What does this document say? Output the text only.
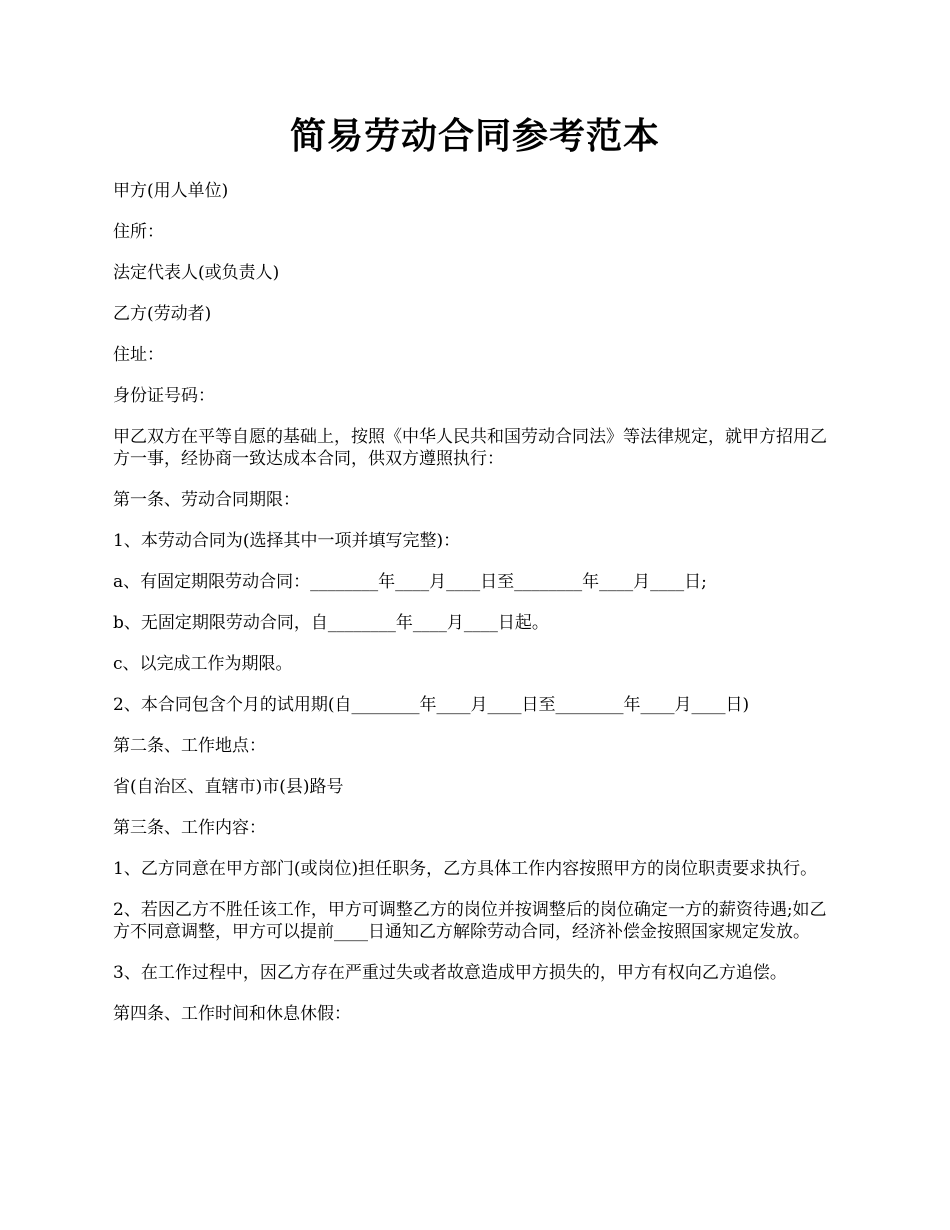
简易劳动合同参考范本

甲方(用人单位)

住所：

法定代表人(或负责人)

乙方(劳动者)

住址：

身份证号码：

甲乙双方在平等自愿的基础上，按照《中华人民共和国劳动合同法》等法律规定，就甲方招用乙方一事，经协商一致达成本合同，供双方遵照执行：

第一条、劳动合同期限：

1、本劳动合同为(选择其中一项并填写完整)：

a、有固定期限劳动合同：________年____月____日至________年____月____日;

b、无固定期限劳动合同，自________年____月____日起。

c、以完成工作为期限。

2、本合同包含个月的试用期(自________年____月____日至________年____月____日)

第二条、工作地点：

省(自治区、直辖市)市(县)路号

第三条、工作内容：

1、乙方同意在甲方部门(或岗位)担任职务，乙方具体工作内容按照甲方的岗位职责要求执行。

2、若因乙方不胜任该工作，甲方可调整乙方的岗位并按调整后的岗位确定一方的薪资待遇;如乙方不同意调整，甲方可以提前____日通知乙方解除劳动合同，经济补偿金按照国家规定发放。

3、在工作过程中，因乙方存在严重过失或者故意造成甲方损失的，甲方有权向乙方追偿。

第四条、工作时间和休息休假：
